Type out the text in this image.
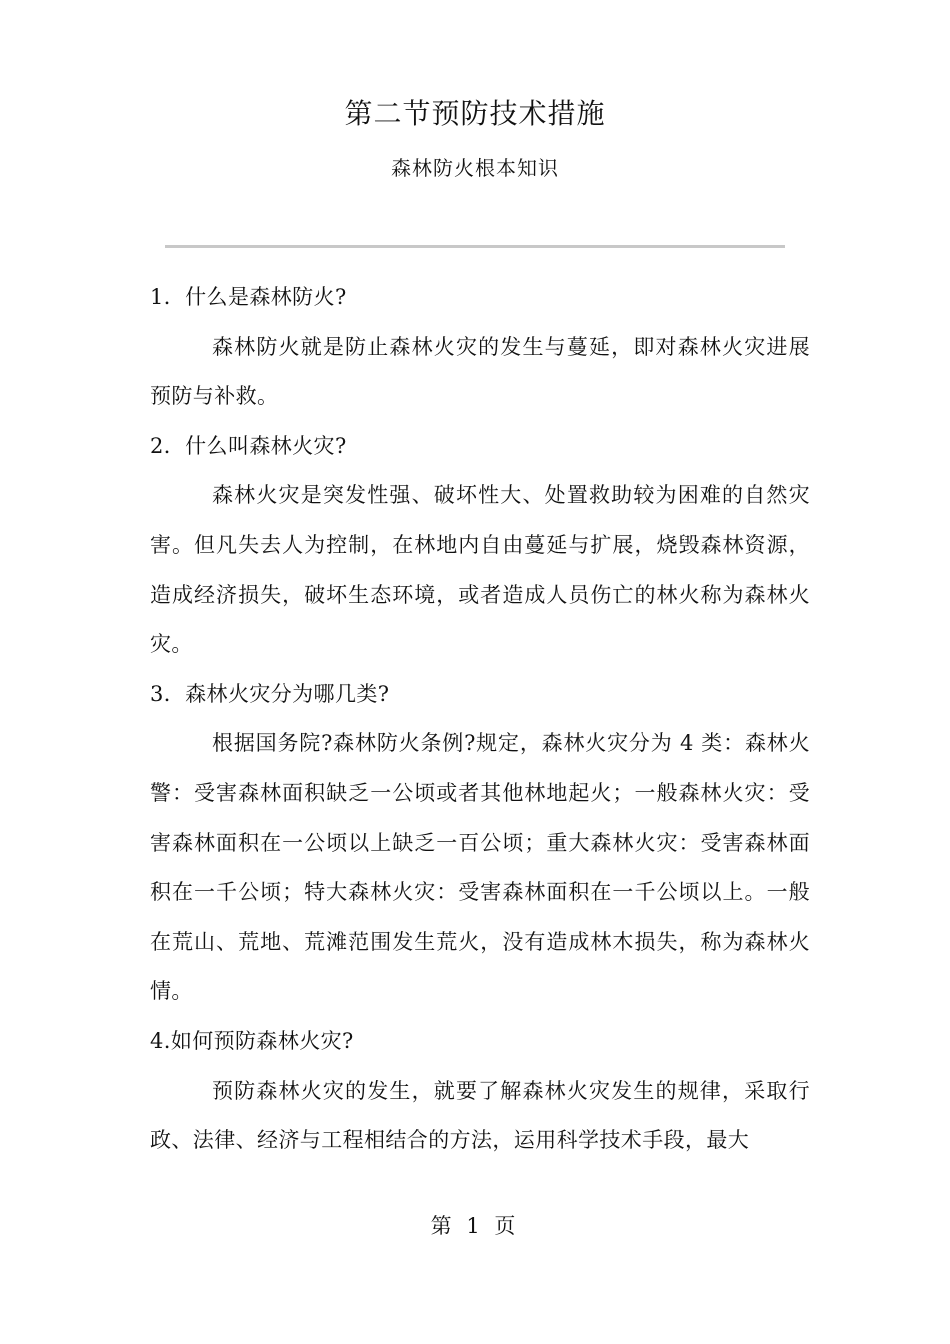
第二节预防技术措施
森林防火根本知识

1．什么是森林防火?

森林防火就是防止森林火灾的发生与蔓延，即对森林火灾进展预防与补救。

2．什么叫森林火灾?

森林火灾是突发性强、破坏性大、处置救助较为困难的自然灾害。但凡失去人为控制，在林地内自由蔓延与扩展，烧毁森林资源，造成经济损失，破坏生态环境，或者造成人员伤亡的林火称为森林火灾。

3．森林火灾分为哪几类?

根据国务院?森林防火条例?规定，森林火灾分为 4 类：森林火警：受害森林面积缺乏一公顷或者其他林地起火；一般森林火灾：受害森林面积在一公顷以上缺乏一百公顷；重大森林火灾：受害森林面积在一千公顷；特大森林火灾：受害森林面积在一千公顷以上。一般在荒山、荒地、荒滩范围发生荒火，没有造成林木损失，称为森林火情。

4.如何预防森林火灾?

预防森林火灾的发生，就要了解森林火灾发生的规律，采取行政、法律、经济与工程相结合的方法，运用科学技术手段，最大

第 1 页
